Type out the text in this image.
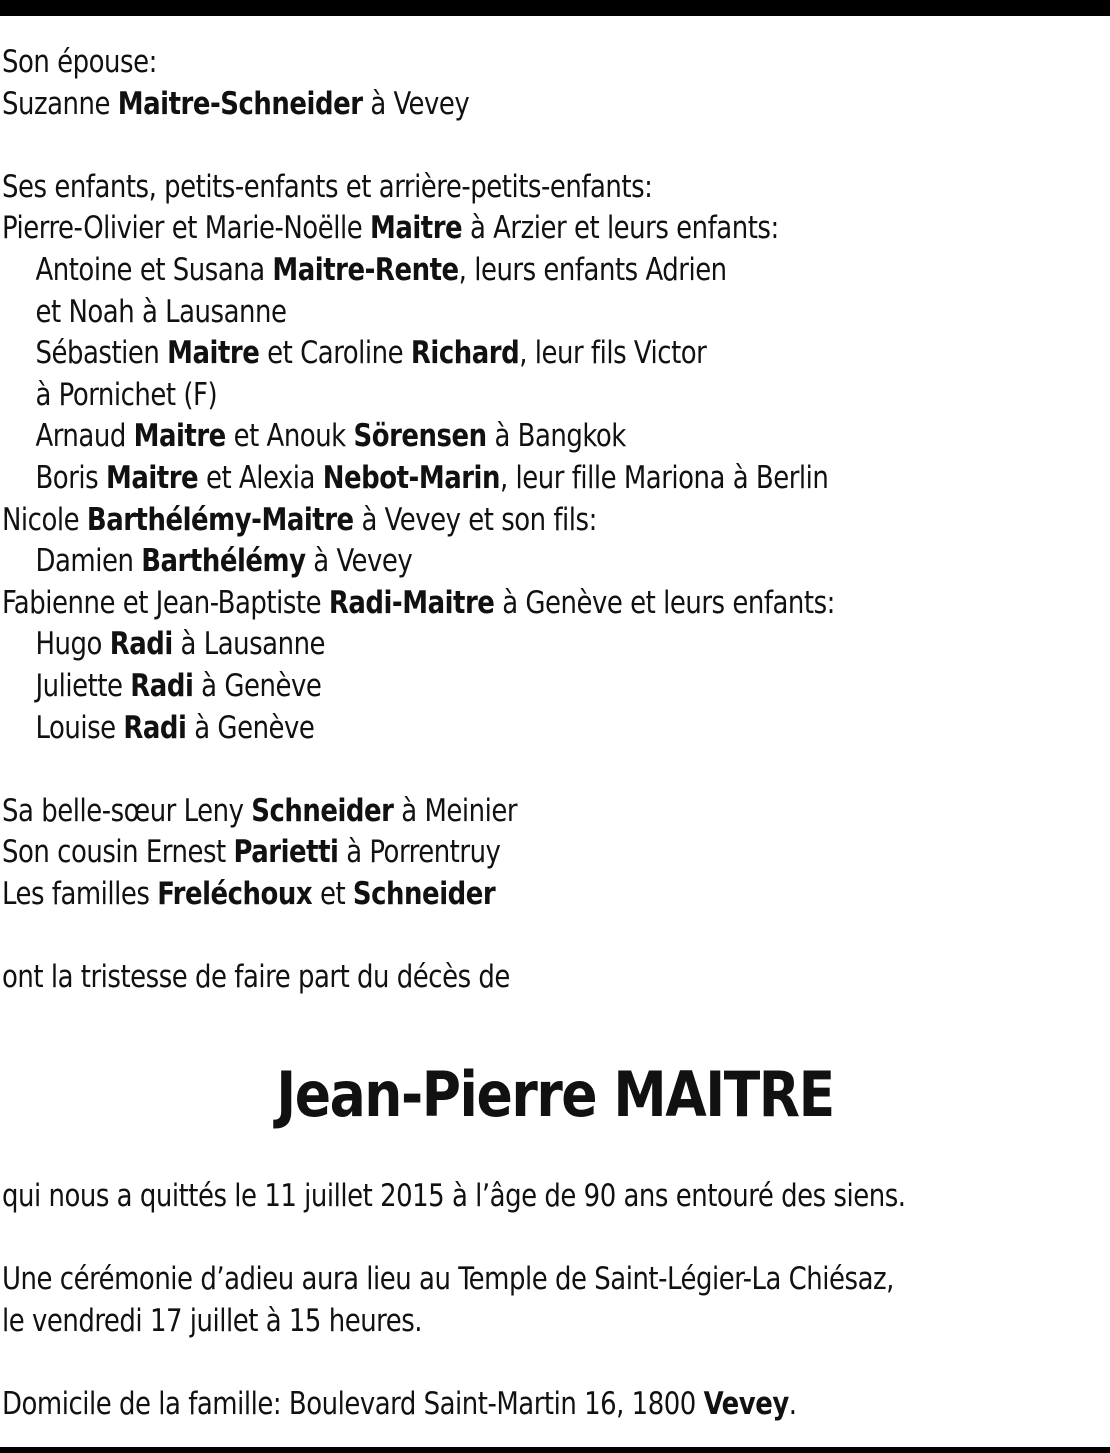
Son épouse:
Suzanne Maitre-Schneider à Vevey
Ses enfants, petits-enfants et arrière-petits-enfants:
Pierre-Olivier et Marie-Noëlle Maitre à Arzier et leurs enfants:
Antoine et Susana Maitre-Rente, leurs enfants Adrien
et Noah à Lausanne
Sébastien Maitre et Caroline Richard, leur fils Victor
à Pornichet (F)
Arnaud Maitre et Anouk Sörensen à Bangkok
Boris Maitre et Alexia Nebot-Marin, leur fille Mariona à Berlin
Nicole Barthélémy-Maitre à Vevey et son fils:
Damien Barthélémy à Vevey
Fabienne et Jean-Baptiste Radi-Maitre à Genève et leurs enfants:
Hugo Radi à Lausanne
Juliette Radi à Genève
Louise Radi à Genève
Sa belle-sœur Leny Schneider à Meinier
Son cousin Ernest Parietti à Porrentruy
Les familles Freléchoux et Schneider
ont la tristesse de faire part du décès de
Jean-Pierre MAITRE
qui nous a quittés le 11 juillet 2015 à l’âge de 90 ans entouré des siens.
Une cérémonie d’adieu aura lieu au Temple de Saint-Légier-La Chiésaz,
le vendredi 17 juillet à 15 heures.
Domicile de la famille: Boulevard Saint-Martin 16, 1800 Vevey.
